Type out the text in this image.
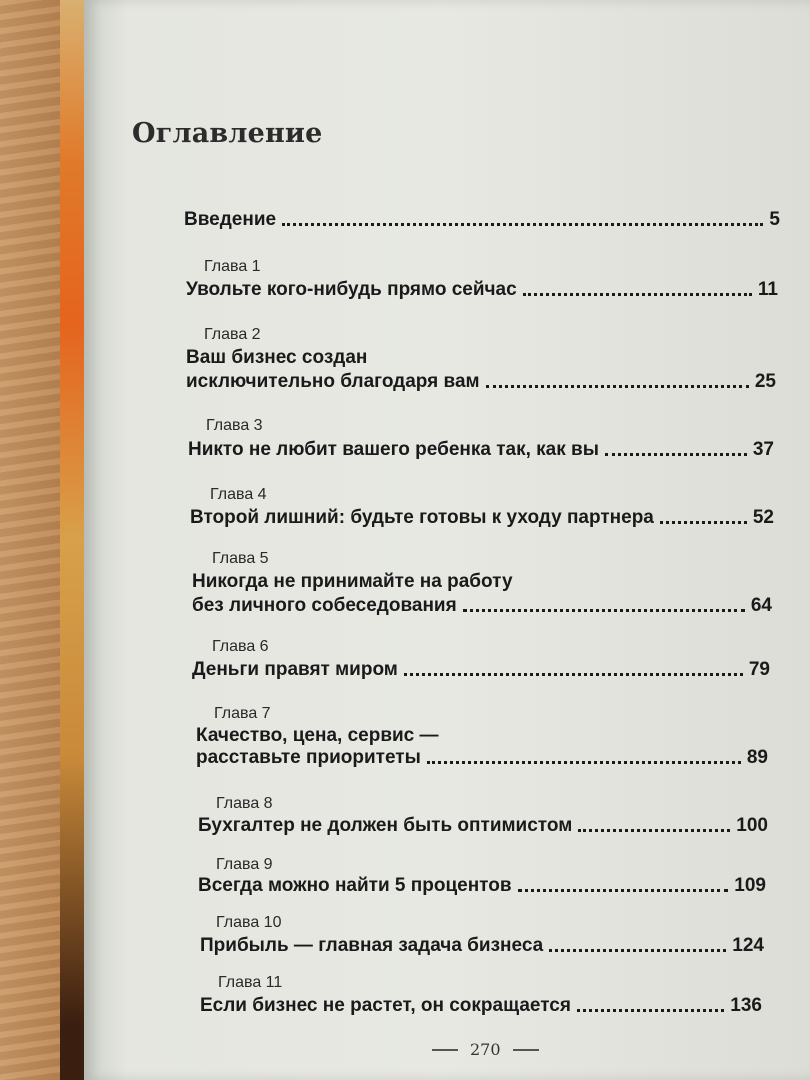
Оглавление
Введение	5
Глава 1
Увольте кого-нибудь прямо сейчас	11
Глава 2
Ваш бизнес создан
исключительно благодаря вам	25
Глава 3
Никто не любит вашего ребенка так, как вы	37
Глава 4
Второй лишний: будьте готовы к уходу партнера	52
Глава 5
Никогда не принимайте на работу
без личного собеседования	64
Глава 6
Деньги правят миром	79
Глава 7
Качество, цена, сервис —
расставьте приоритеты	89
Глава 8
Бухгалтер не должен быть оптимистом	100
Глава 9
Всегда можно найти 5 процентов	109
Глава 10
Прибыль — главная задача бизнеса	124
Глава 11
Если бизнес не растет, он сокращается	136
270
